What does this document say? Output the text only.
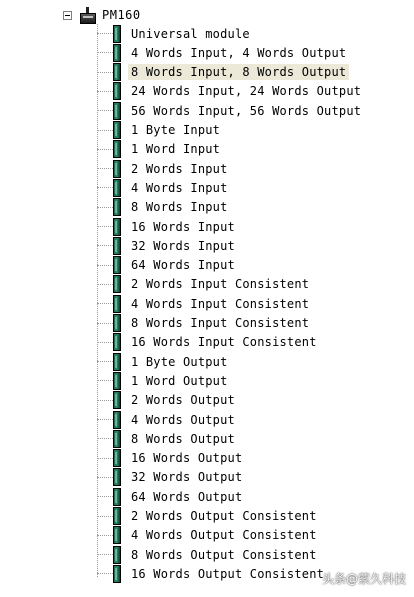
PM160
Universal module
4 Words Input, 4 Words Output
8 Words Input, 8 Words Output
24 Words Input, 24 Words Output
56 Words Input, 56 Words Output
1 Byte Input
1 Word Input
2 Words Input
4 Words Input
8 Words Input
16 Words Input
32 Words Input
64 Words Input
2 Words Input Consistent
4 Words Input Consistent
8 Words Input Consistent
16 Words Input Consistent
1 Byte Output
1 Word Output
2 Words Output
4 Words Output
8 Words Output
16 Words Output
32 Words Output
64 Words Output
2 Words Output Consistent
4 Words Output Consistent
8 Words Output Consistent
16 Words Output Consistent
头条@萦久科技
